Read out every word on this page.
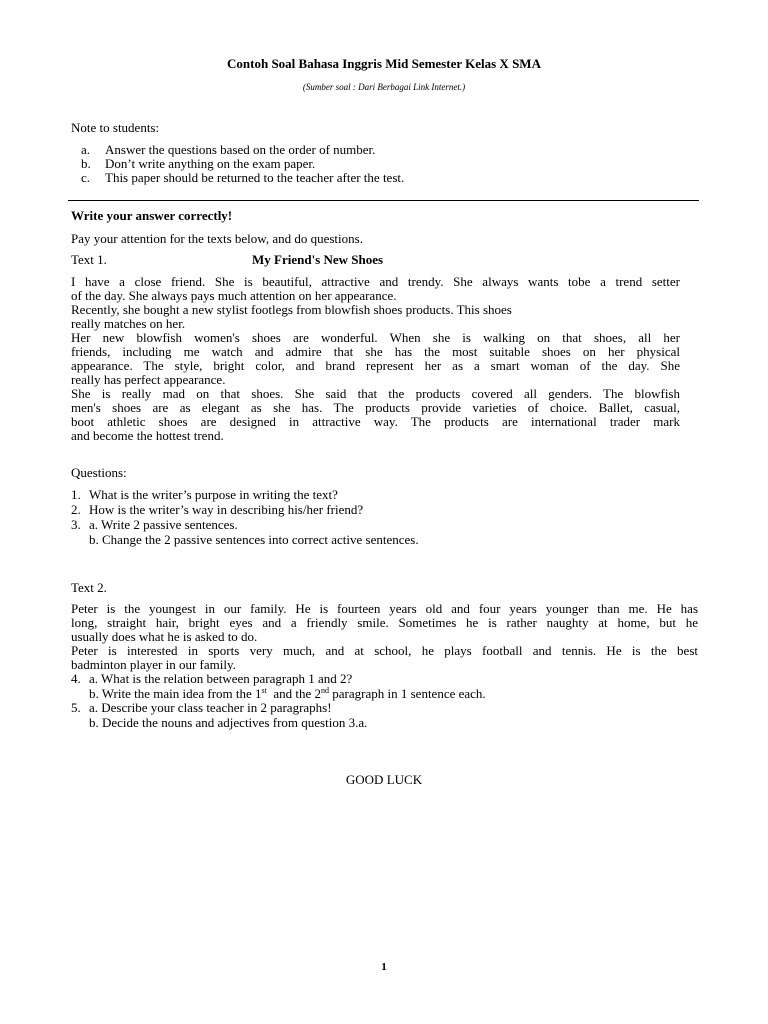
Contoh Soal Bahasa Inggris Mid Semester Kelas X SMA

(Sumber soal : Dari Berbagai Link Internet.)

Note to students:

a. Answer the questions based on the order of number.
b. Don’t write anything on the exam paper.
c. This paper should be returned to the teacher after the test.

Write your answer correctly!

Pay your attention for the texts below, and do questions.

Text 1.	My Friend's New Shoes

I have a close friend. She is beautiful, attractive and trendy. She always wants tobe a trend setter
of the day. She always pays much attention on her appearance.
Recently, she bought a new stylist footlegs from blowfish shoes products. This shoes
really matches on her.
Her new blowfish women's shoes are wonderful. When she is walking on that shoes, all her
friends, including me watch and admire that she has the most suitable shoes on her physical
appearance. The style, bright color, and brand represent her as a smart woman of the day. She
really has perfect appearance.
She is really mad on that shoes. She said that the products covered all genders. The blowfish
men's shoes are as elegant as she has. The products provide varieties of choice. Ballet, casual,
boot athletic shoes are designed in attractive way. The products are international trader mark
and become the hottest trend.

Questions:

1. What is the writer’s purpose in writing the text?
2. How is the writer’s way in describing his/her friend?
3. a. Write 2 passive sentences.
b. Change the 2 passive sentences into correct active sentences.

Text 2.

Peter is the youngest in our family. He is fourteen years old and four years younger than me. He has
long, straight hair, bright eyes and a friendly smile. Sometimes he is rather naughty at home, but he
usually does what he is asked to do.
Peter is interested in sports very much, and at school, he plays football and tennis. He is the best
badminton player in our family.
4. a. What is the relation between paragraph 1 and 2?
b. Write the main idea from the 1st  and the 2nd paragraph in 1 sentence each.
5. a. Describe your class teacher in 2 paragraphs!
b. Decide the nouns and adjectives from question 3.a.

GOOD LUCK

1
